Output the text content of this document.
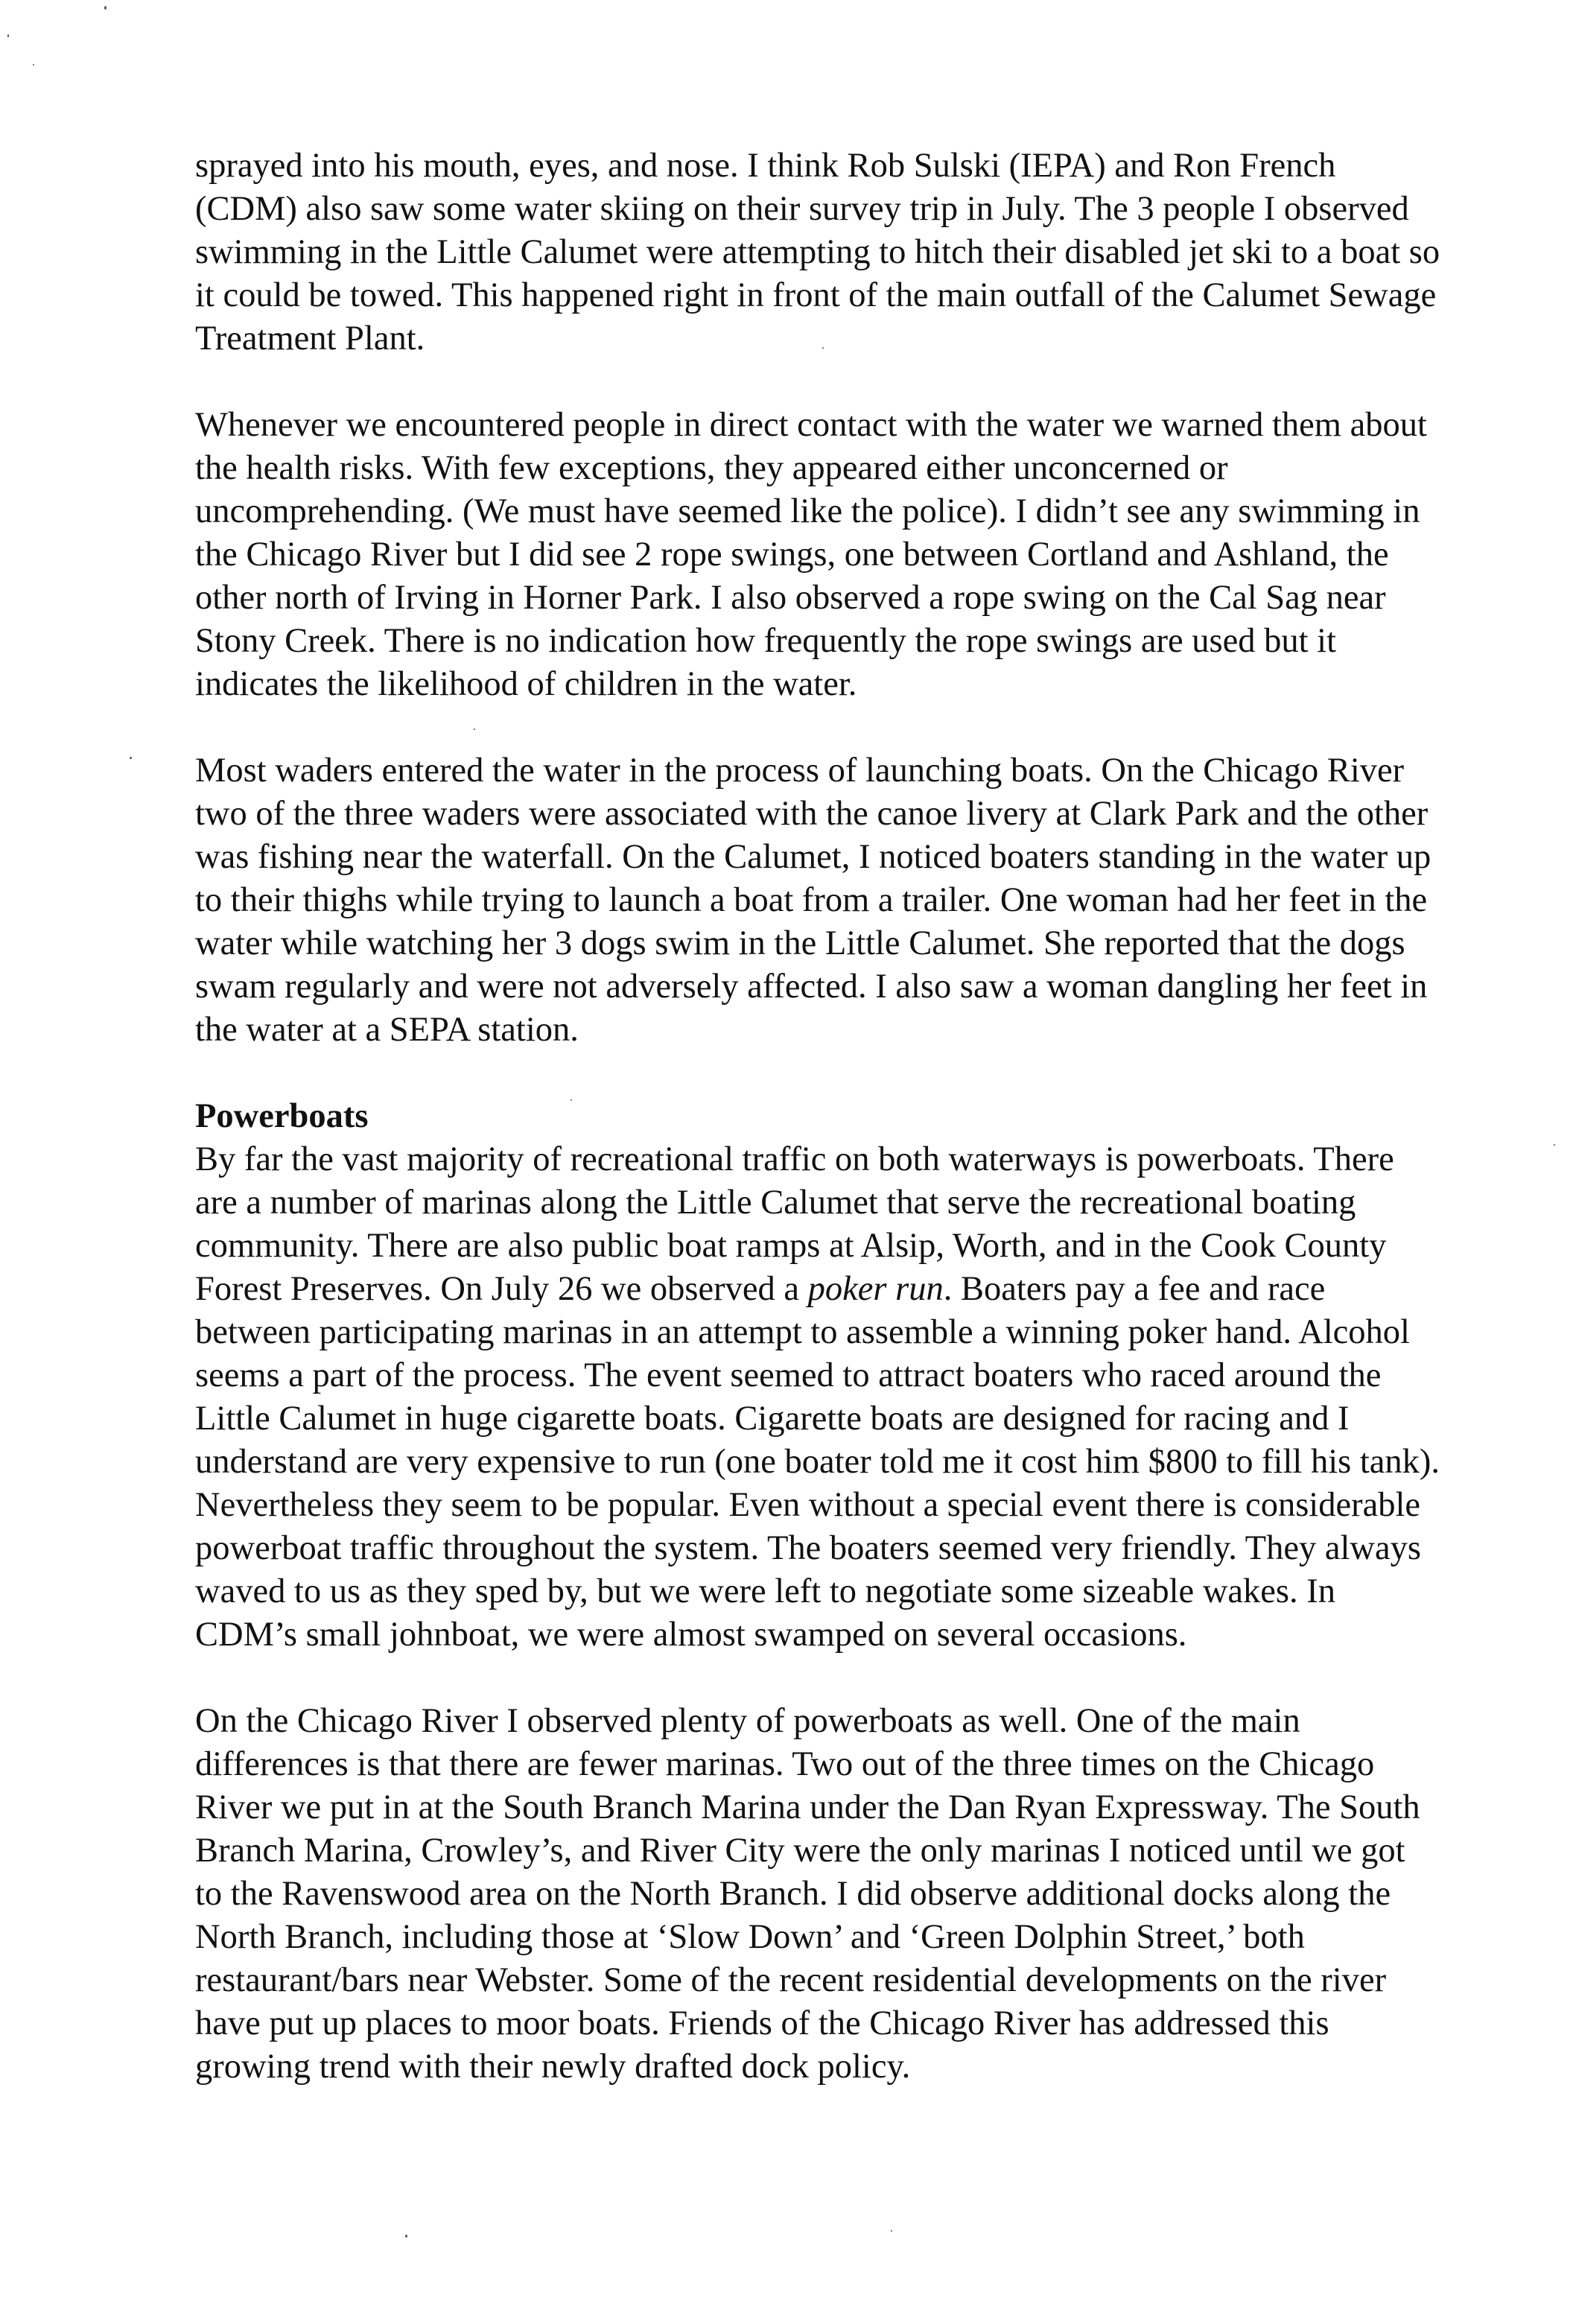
sprayed into his mouth, eyes, and nose. I think Rob Sulski (IEPA) and Ron French
(CDM) also saw some water skiing on their survey trip in July. The 3 people I observed
swimming in the Little Calumet were attempting to hitch their disabled jet ski to a boat so
it could be towed. This happened right in front of the main outfall of the Calumet Sewage
Treatment Plant.

Whenever we encountered people in direct contact with the water we warned them about
the health risks. With few exceptions, they appeared either unconcerned or
uncomprehending. (We must have seemed like the police). I didn’t see any swimming in
the Chicago River but I did see 2 rope swings, one between Cortland and Ashland, the
other north of Irving in Horner Park. I also observed a rope swing on the Cal Sag near
Stony Creek. There is no indication how frequently the rope swings are used but it
indicates the likelihood of children in the water.

Most waders entered the water in the process of launching boats. On the Chicago River
two of the three waders were associated with the canoe livery at Clark Park and the other
was fishing near the waterfall. On the Calumet, I noticed boaters standing in the water up
to their thighs while trying to launch a boat from a trailer. One woman had her feet in the
water while watching her 3 dogs swim in the Little Calumet. She reported that the dogs
swam regularly and were not adversely affected. I also saw a woman dangling her feet in
the water at a SEPA station.

Powerboats
By far the vast majority of recreational traffic on both waterways is powerboats. There
are a number of marinas along the Little Calumet that serve the recreational boating
community. There are also public boat ramps at Alsip, Worth, and in the Cook County
Forest Preserves. On July 26 we observed a poker run. Boaters pay a fee and race
between participating marinas in an attempt to assemble a winning poker hand. Alcohol
seems a part of the process. The event seemed to attract boaters who raced around the
Little Calumet in huge cigarette boats. Cigarette boats are designed for racing and I
understand are very expensive to run (one boater told me it cost him $800 to fill his tank).
Nevertheless they seem to be popular. Even without a special event there is considerable
powerboat traffic throughout the system. The boaters seemed very friendly. They always
waved to us as they sped by, but we were left to negotiate some sizeable wakes. In
CDM’s small johnboat, we were almost swamped on several occasions.

On the Chicago River I observed plenty of powerboats as well. One of the main
differences is that there are fewer marinas. Two out of the three times on the Chicago
River we put in at the South Branch Marina under the Dan Ryan Expressway. The South
Branch Marina, Crowley’s, and River City were the only marinas I noticed until we got
to the Ravenswood area on the North Branch. I did observe additional docks along the
North Branch, including those at ‘Slow Down’ and ‘Green Dolphin Street,’ both
restaurant/bars near Webster. Some of the recent residential developments on the river
have put up places to moor boats. Friends of the Chicago River has addressed this
growing trend with their newly drafted dock policy.
